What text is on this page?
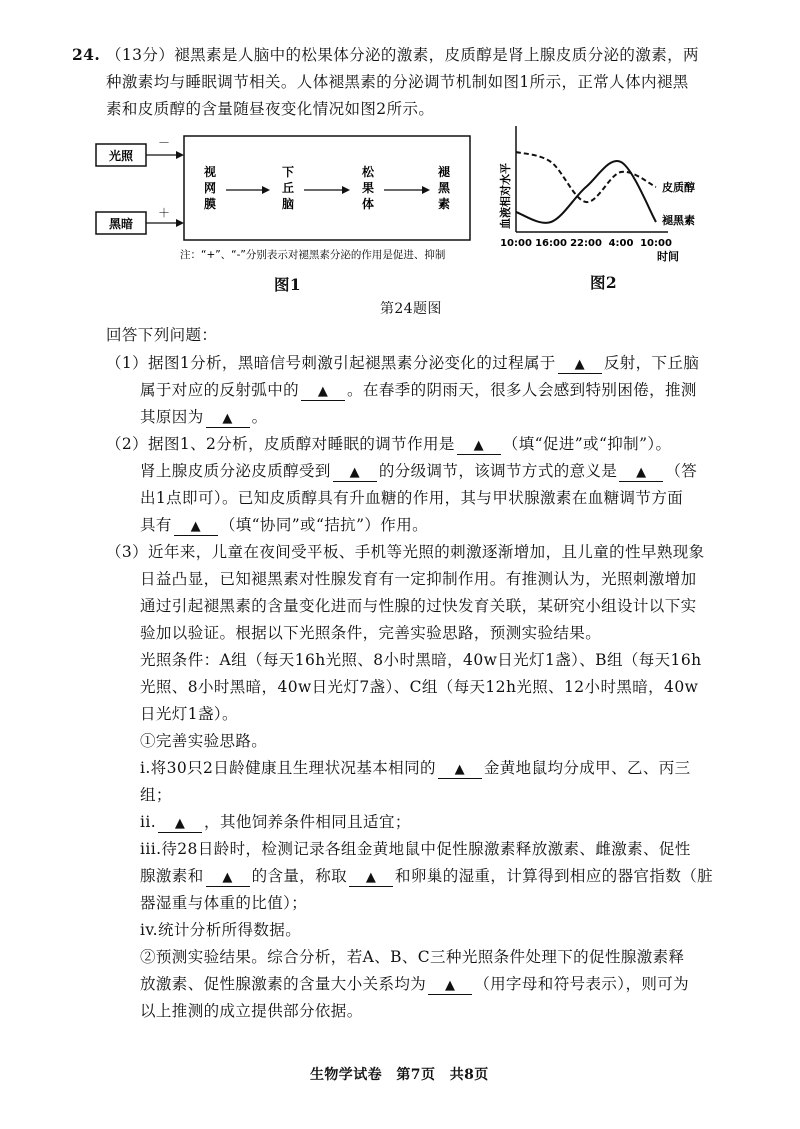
24. （13分）褪黑素是人脑中的松果体分泌的激素，皮质醇是肾上腺皮质分泌的激素，两
种激素均与睡眠调节相关。人体褪黑素的分泌调节机制如图1所示，正常人体内褪黑
素和皮质醇的含量随昼夜变化情况如图2所示。
光照
黑暗
－
＋
视
网
膜
下
丘
脑
松
果
体
褪
黑
素
注：“+”、“-”分别表示对褪黑素分泌的作用是促进、抑制
图1
血液相对水平	皮质醇
褪黑素
10:00 16:00 22:00 4:00 10:00
时间
图2
第24题图
回答下列问题：
（1）据图1分析，黑暗信号刺激引起褪黑素分泌变化的过程属于 ▲ 反射，下丘脑
属于对应的反射弧中的 ▲ 。在春季的阴雨天，很多人会感到特别困倦，推测
其原因为 ▲ 。
（2）据图1、2分析，皮质醇对睡眠的调节作用是 ▲ （填“促进”或“抑制”）。
肾上腺皮质分泌皮质醇受到 ▲ 的分级调节，该调节方式的意义是 ▲ （答
出1点即可）。已知皮质醇具有升血糖的作用，其与甲状腺激素在血糖调节方面
具有 ▲ （填“协同”或“拮抗”）作用。
（3）近年来，儿童在夜间受平板、手机等光照的刺激逐渐增加，且儿童的性早熟现象
日益凸显，已知褪黑素对性腺发育有一定抑制作用。有推测认为，光照刺激增加
通过引起褪黑素的含量变化进而与性腺的过快发育关联，某研究小组设计以下实
验加以验证。根据以下光照条件，完善实验思路，预测实验结果。
光照条件：A组（每天16h光照、8小时黑暗，40w日光灯1盏）、B组（每天16h
光照、8小时黑暗，40w日光灯7盏）、C组（每天12h光照、12小时黑暗，40w
日光灯1盏）。
①完善实验思路。
i.将30只2日龄健康且生理状况基本相同的 ▲ 金黄地鼠均分成甲、乙、丙三
组；
ii. ▲ ，其他饲养条件相同且适宜；
iii.待28日龄时，检测记录各组金黄地鼠中促性腺激素释放激素、雌激素、促性
腺激素和 ▲ 的含量，称取 ▲ 和卵巢的湿重，计算得到相应的器官指数（脏
器湿重与体重的比值）；
iv.统计分析所得数据。
②预测实验结果。综合分析，若A、B、C三种光照条件处理下的促性腺激素释
放激素、促性腺激素的含量大小关系均为 ▲ （用字母和符号表示），则可为
以上推测的成立提供部分依据。
生物学试卷　第7页　共8页
